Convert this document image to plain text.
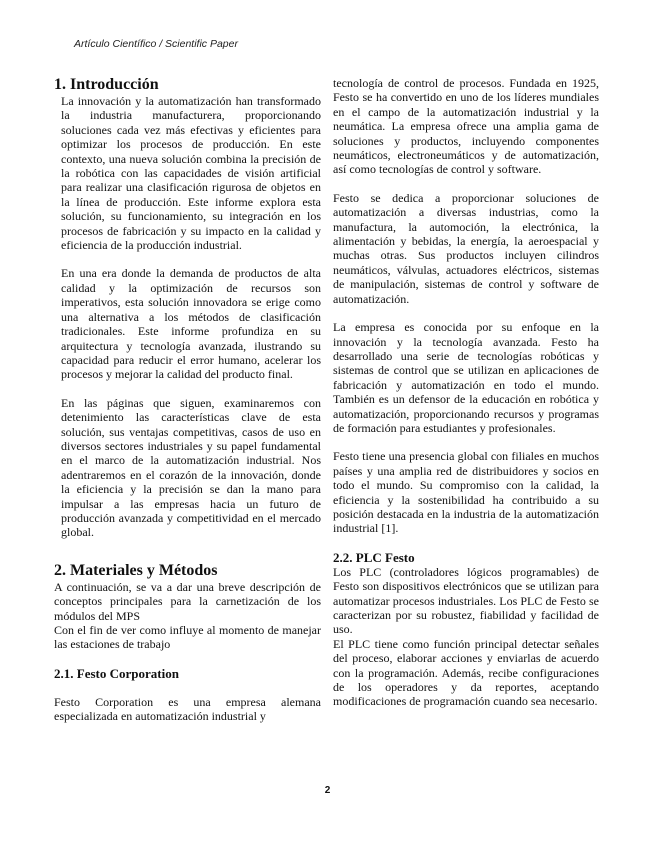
Artículo Científico / Scientific Paper
1. Introducción

La innovación y la automatización han transformado la industria manufacturera, proporcionando soluciones cada vez más efectivas y eficientes para optimizar los procesos de producción. En este contexto, una nueva solución combina la precisión de la robótica con las capacidades de visión artificial para realizar una clasificación rigurosa de objetos en la línea de producción. Este informe explora esta solución, su funcionamiento, su integración en los procesos de fabricación y su impacto en la calidad y eficiencia de la producción industrial.

En una era donde la demanda de productos de alta calidad y la optimización de recursos son imperativos, esta solución innovadora se erige como una alternativa a los métodos de clasificación tradicionales. Este informe profundiza en su arquitectura y tecnología avanzada, ilustrando su capacidad para reducir el error humano, acelerar los procesos y mejorar la calidad del producto final.

En las páginas que siguen, examinaremos con detenimiento las características clave de esta solución, sus ventajas competitivas, casos de uso en diversos sectores industriales y su papel fundamental en el marco de la automatización industrial. Nos adentraremos en el corazón de la innovación, donde la eficiencia y la precisión se dan la mano para impulsar a las empresas hacia un futuro de producción avanzada y competitividad en el mercado global.

2. Materiales y Métodos

A continuación, se va a dar una breve descripción de conceptos principales para la carnetización de los módulos del MPS

Con el fin de ver como influye al momento de manejar las estaciones de trabajo

2.1. Festo Corporation

Festo Corporation es una empresa alemana especializada en automatización industrial y

tecnología de control de procesos. Fundada en 1925, Festo se ha convertido en uno de los líderes mundiales en el campo de la automatización industrial y la neumática. La empresa ofrece una amplia gama de soluciones y productos, incluyendo componentes neumáticos, electroneumáticos y de automatización, así como tecnologías de control y software.

Festo se dedica a proporcionar soluciones de automatización a diversas industrias, como la manufactura, la automoción, la electrónica, la alimentación y bebidas, la energía, la aeroespacial y muchas otras. Sus productos incluyen cilindros neumáticos, válvulas, actuadores eléctricos, sistemas de manipulación, sistemas de control y software de automatización.

La empresa es conocida por su enfoque en la innovación y la tecnología avanzada. Festo ha desarrollado una serie de tecnologías robóticas y sistemas de control que se utilizan en aplicaciones de fabricación y automatización en todo el mundo. También es un defensor de la educación en robótica y automatización, proporcionando recursos y programas de formación para estudiantes y profesionales.

Festo tiene una presencia global con filiales en muchos países y una amplia red de distribuidores y socios en todo el mundo. Su compromiso con la calidad, la eficiencia y la sostenibilidad ha contribuido a su posición destacada en la industria de la automatización industrial [1].

2.2. PLC Festo

Los PLC (controladores lógicos programables) de Festo son dispositivos electrónicos que se utilizan para automatizar procesos industriales. Los PLC de Festo se caracterizan por su robustez, fiabilidad y facilidad de uso.

El PLC tiene como función principal detectar señales del proceso, elaborar acciones y enviarlas de acuerdo con la programación. Además, recibe configuraciones de los operadores y da reportes, aceptando modificaciones de programación cuando sea necesario.

2
